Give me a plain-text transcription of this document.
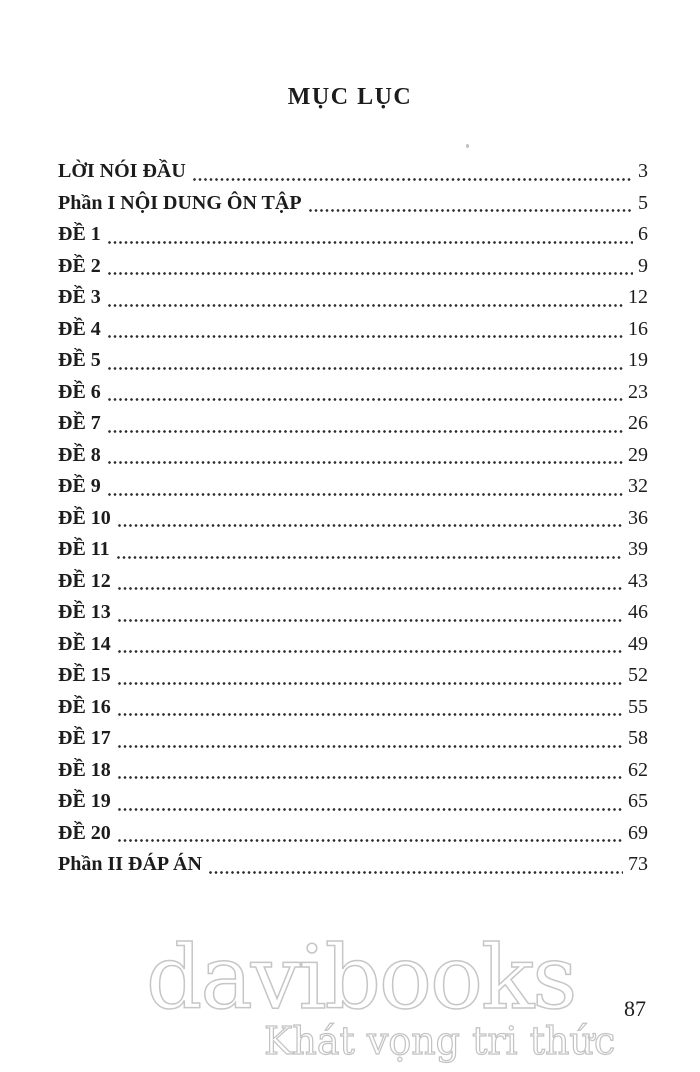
MỤC LỤC
LỜI NÓI ĐẦU	3
Phần I NỘI DUNG ÔN TẬP	5
ĐỀ 1	6
ĐỀ 2	9
ĐỀ 3	12
ĐỀ 4	16
ĐỀ 5	19
ĐỀ 6	23
ĐỀ 7	26
ĐỀ 8	29
ĐỀ 9	32
ĐỀ 10	36
ĐỀ 11	39
ĐỀ 12	43
ĐỀ 13	46
ĐỀ 14	49
ĐỀ 15	52
ĐỀ 16	55
ĐỀ 17	58
ĐỀ 18	62
ĐỀ 19	65
ĐỀ 20	69
Phần II ĐÁP ÁN	73
davibooks
Khát vọng tri thức
87
